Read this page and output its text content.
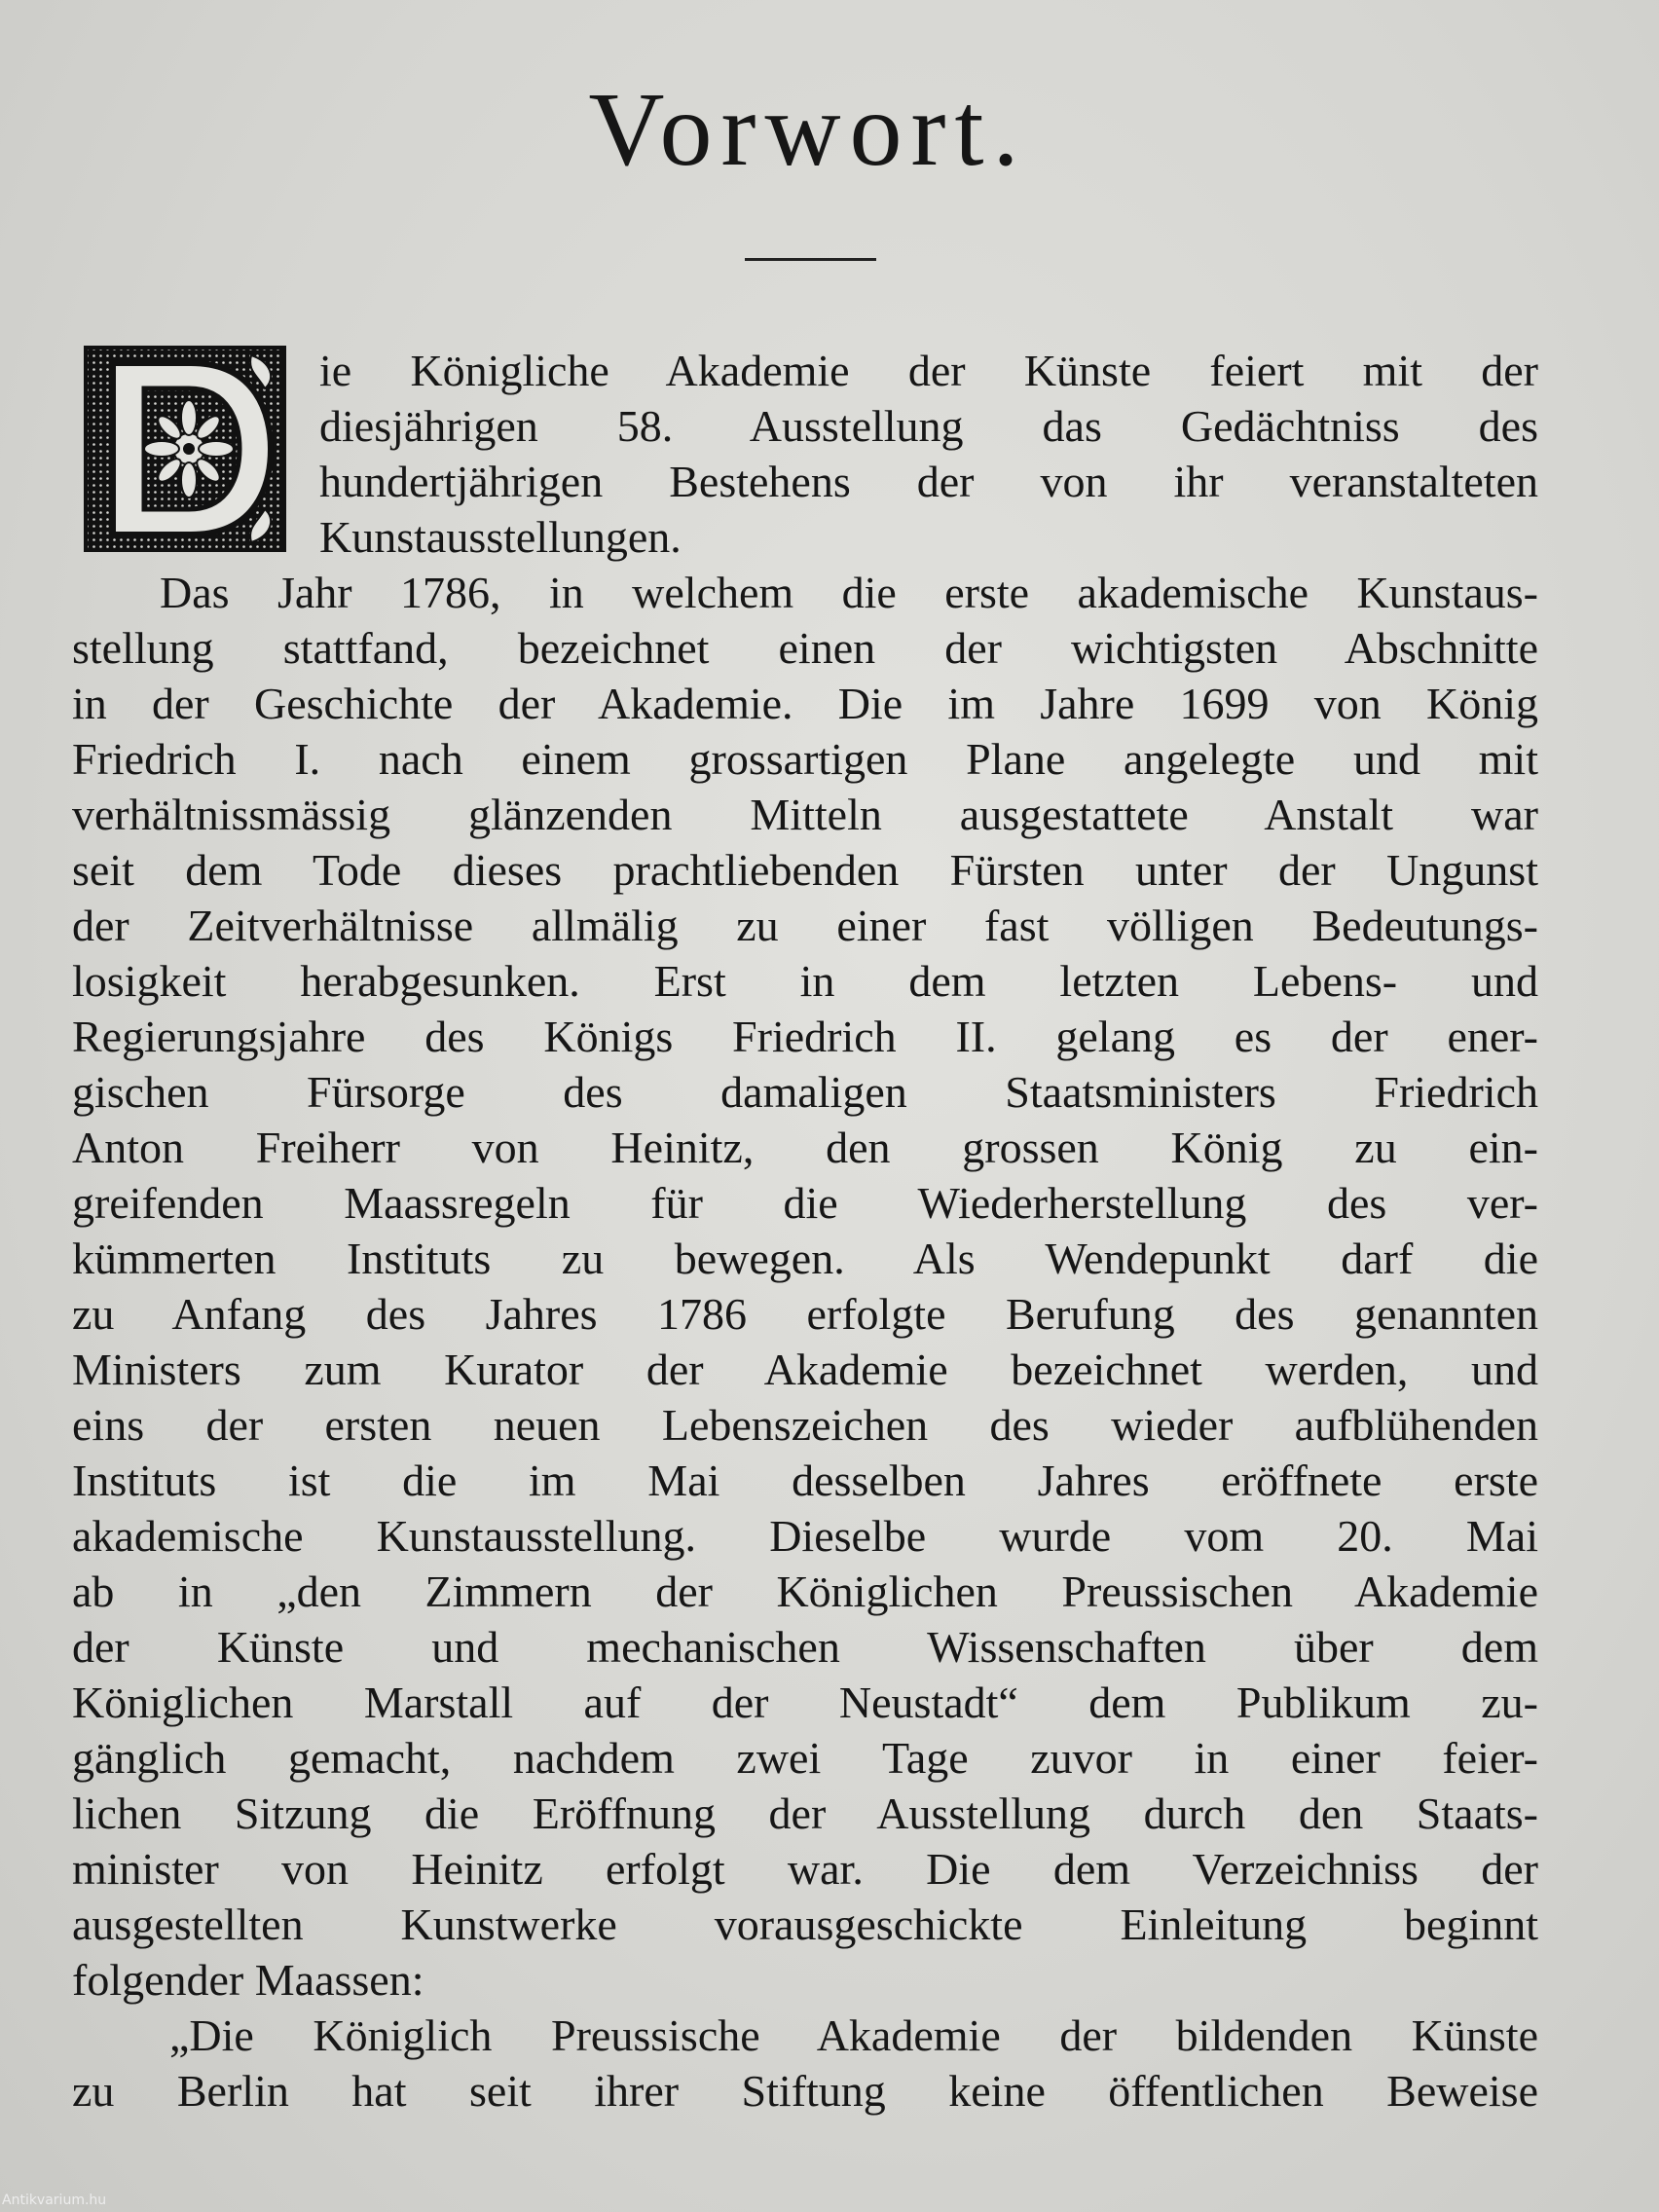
Vorwort.
ie Königliche Akademie der Künste feiert mit der
diesjährigen 58. Ausstellung das Gedächtniss des
hundertjährigen Bestehens der von ihr veranstalteten
Kunstausstellungen.
Das Jahr 1786, in welchem die erste akademische Kunstaus-
stellung stattfand, bezeichnet einen der wichtigsten Abschnitte
in der Geschichte der Akademie. Die im Jahre 1699 von König
Friedrich I. nach einem grossartigen Plane angelegte und mit
verhältnissmässig glänzenden Mitteln ausgestattete Anstalt war
seit dem Tode dieses prachtliebenden Fürsten unter der Ungunst
der Zeitverhältnisse allmälig zu einer fast völligen Bedeutungs-
losigkeit herabgesunken. Erst in dem letzten Lebens- und
Regierungsjahre des Königs Friedrich II. gelang es der ener-
gischen Fürsorge des damaligen Staatsministers Friedrich
Anton Freiherr von Heinitz, den grossen König zu ein-
greifenden Maassregeln für die Wiederherstellung des ver-
kümmerten Instituts zu bewegen. Als Wendepunkt darf die
zu Anfang des Jahres 1786 erfolgte Berufung des genannten
Ministers zum Kurator der Akademie bezeichnet werden, und
eins der ersten neuen Lebenszeichen des wieder aufblühenden
Instituts ist die im Mai desselben Jahres eröffnete erste
akademische Kunstausstellung. Dieselbe wurde vom 20. Mai
ab in „den Zimmern der Königlichen Preussischen Akademie
der Künste und mechanischen Wissenschaften über dem
Königlichen Marstall auf der Neustadt“ dem Publikum zu-
gänglich gemacht, nachdem zwei Tage zuvor in einer feier-
lichen Sitzung die Eröffnung der Ausstellung durch den Staats-
minister von Heinitz erfolgt war. Die dem Verzeichniss der
ausgestellten Kunstwerke vorausgeschickte Einleitung beginnt
folgender Maassen:
„Die Königlich Preussische Akademie der bildenden Künste
zu Berlin hat seit ihrer Stiftung keine öffentlichen Beweise
Antikvarium.hu
